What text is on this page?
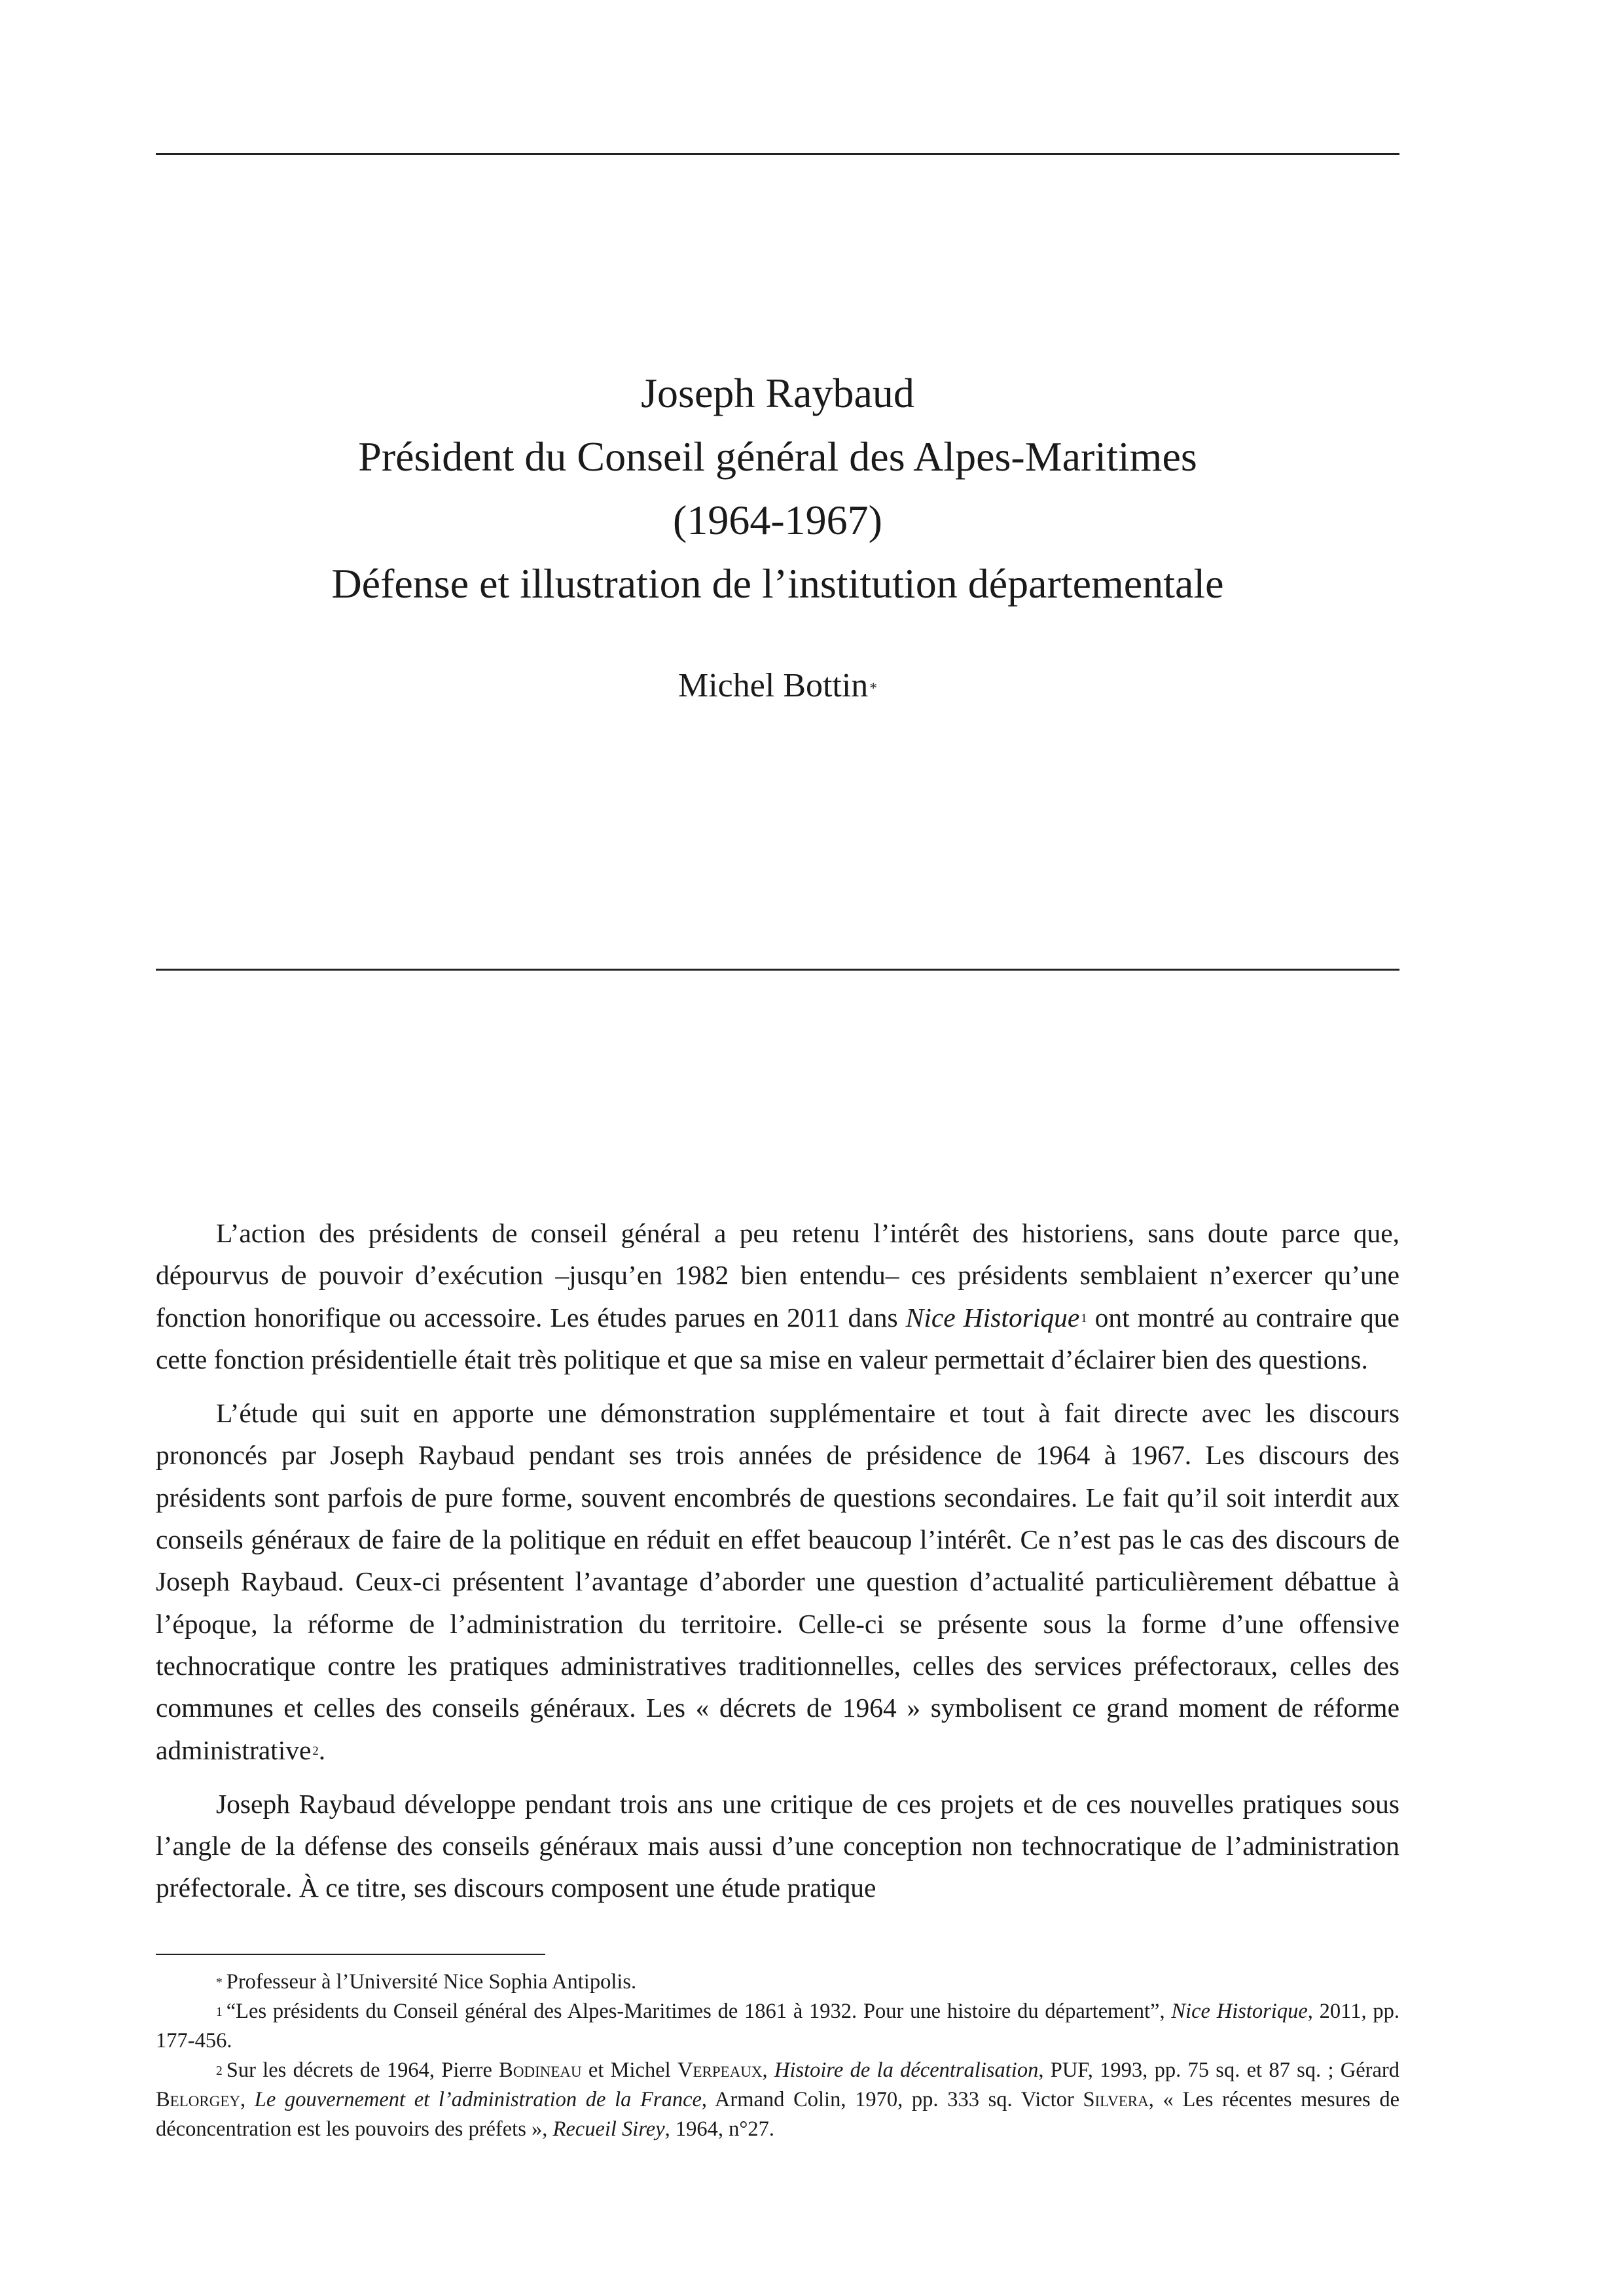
Joseph Raybaud

Président du Conseil général des Alpes-Maritimes

(1964-1967)

Défense et illustration de l’institution départementale

Michel Bottin*

L’action des présidents de conseil général a peu retenu l’intérêt des historiens, sans doute parce que, dépourvus de pouvoir d’exécution –jusqu’en 1982 bien entendu– ces présidents semblaient n’exercer qu’une fonction honorifique ou accessoire. Les études parues en 2011 dans Nice Historique $^1$ ont montré au contraire que cette fonction présidentielle était très politique et que sa mise en valeur permettait d’éclairer bien des questions.

L’étude qui suit en apporte une démonstration supplémentaire et tout à fait directe avec les discours prononcés par Joseph Raybaud pendant ses trois années de présidence de 1964 à 1967. Les discours des présidents sont parfois de pure forme, souvent encombrés de questions secondaires. Le fait qu’il soit interdit aux conseils généraux de faire de la politique en réduit en effet beaucoup l’intérêt. Ce n’est pas le cas des discours de Joseph Raybaud. Ceux-ci présentent l’avantage d’aborder une question d’actualité particulièrement débattue à l’époque, la réforme de l’administration du territoire. Celle-ci se présente sous la forme d’une offensive technocratique contre les pratiques administratives traditionnelles, celles des services préfectoraux, celles des communes et celles des conseils généraux. Les « décrets de 1964 » symbolisent ce grand moment de réforme administrative $^2$.

Joseph Raybaud développe pendant trois ans une critique de ces projets et de ces nouvelles pratiques sous l’angle de la défense des conseils généraux mais aussi d’une conception non technocratique de l’administration préfectorale. À ce titre, ses discours composent une étude pratique

* Professeur à l’Université Nice Sophia Antipolis.

$^1$ “Les présidents du Conseil général des Alpes-Maritimes de 1861 à 1932. Pour une histoire du département”, Nice Historique, 2011, pp. 177-456.

$^2$ Sur les décrets de 1964, Pierre Bodineau et Michel Verpeaux, Histoire de la décentralisation, PUF, 1993, pp. 75 sq. et 87 sq. ; Gérard Belorgey, Le gouvernement et l’administration de la France, Armand Colin, 1970, pp. 333 sq. Victor Silvera, « Les récentes mesures de déconcentration est les pouvoirs des préfets », Recueil Sirey, 1964, n°27.
